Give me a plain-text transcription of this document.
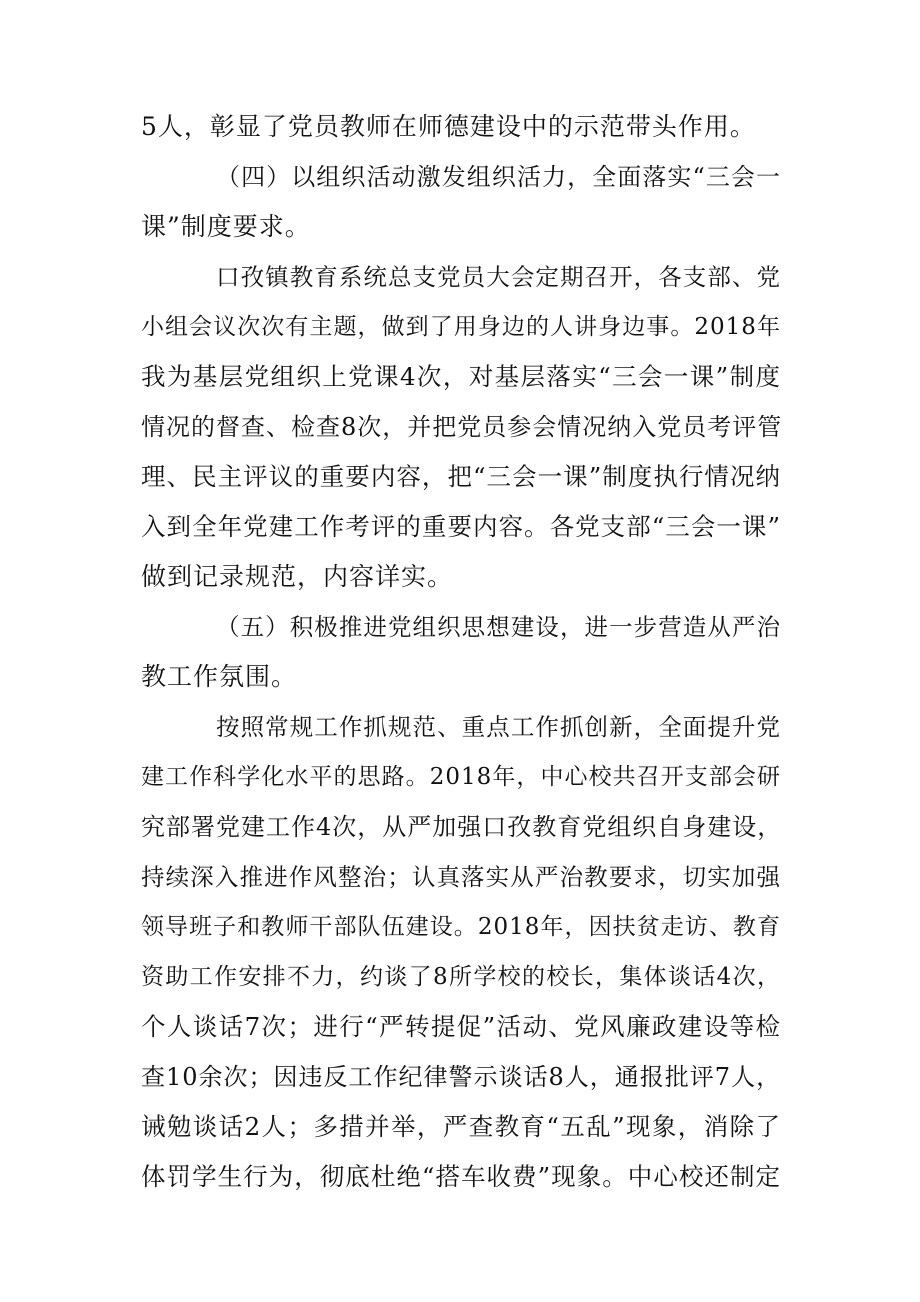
5人，彰显了党员教师在师德建设中的示范带头作用。
（四）以组织活动激发组织活力，全面落实“三会一
课”制度要求。
口孜镇教育系统总支党员大会定期召开，各支部、党
小组会议次次有主题，做到了用身边的人讲身边事。2018年
我为基层党组织上党课4次，对基层落实“三会一课”制度
情况的督查、检查8次，并把党员参会情况纳入党员考评管
理、民主评议的重要内容，把“三会一课”制度执行情况纳
入到全年党建工作考评的重要内容。各党支部“三会一课”
做到记录规范，内容详实。
（五）积极推进党组织思想建设，进一步营造从严治
教工作氛围。
按照常规工作抓规范、重点工作抓创新，全面提升党
建工作科学化水平的思路。2018年，中心校共召开支部会研
究部署党建工作4次，从严加强口孜教育党组织自身建设，
持续深入推进作风整治；认真落实从严治教要求，切实加强
领导班子和教师干部队伍建设。2018年，因扶贫走访、教育
资助工作安排不力，约谈了8所学校的校长，集体谈话4次，
个人谈话7次；进行“严转提促”活动、党风廉政建设等检
查10余次；因违反工作纪律警示谈话8人，通报批评7人，
诫勉谈话2人；多措并举，严查教育“五乱”现象，消除了
体罚学生行为，彻底杜绝“搭车收费”现象。中心校还制定
